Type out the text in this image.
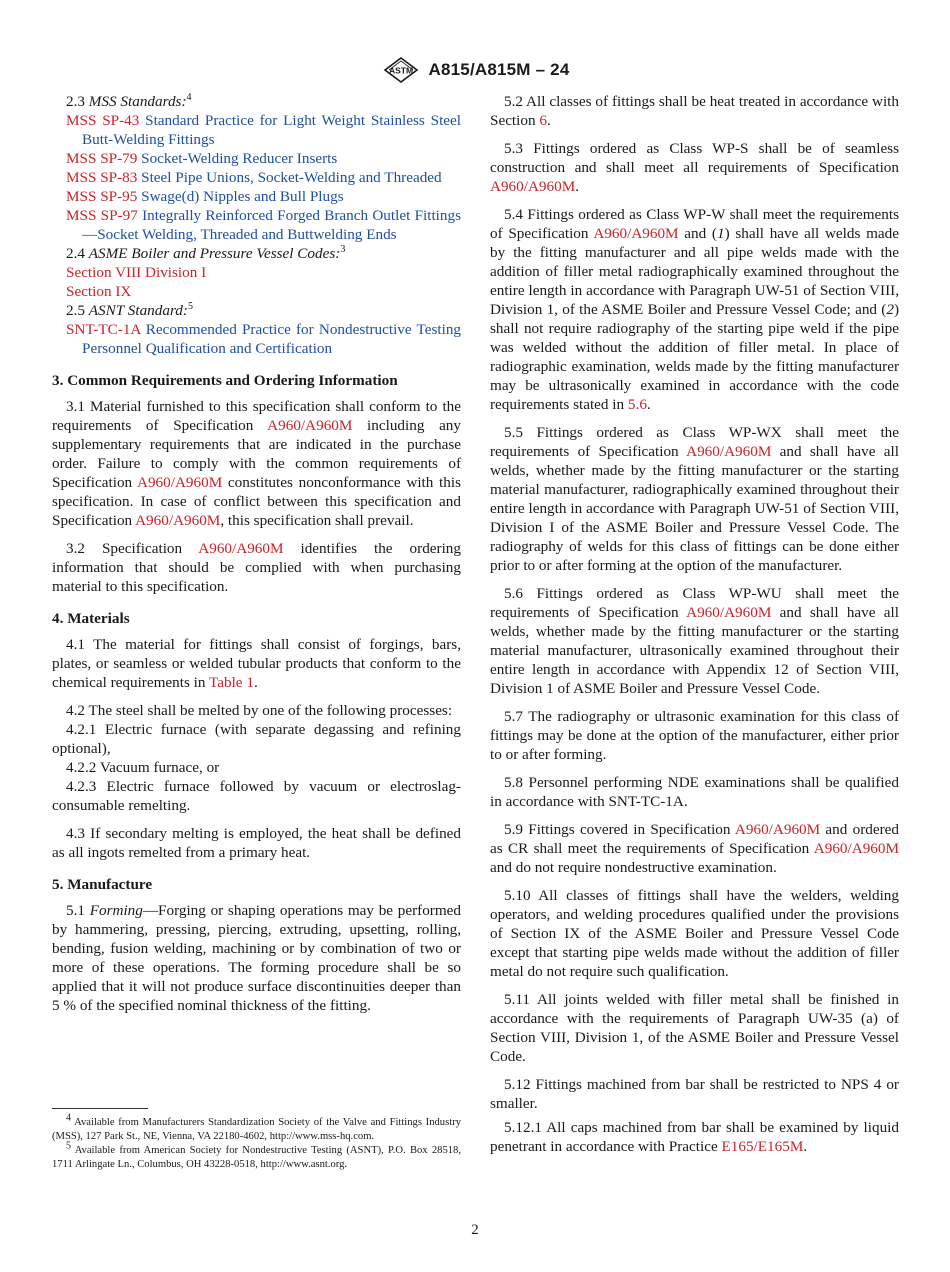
ASTM A815/A815M – 24
2.3 MSS Standards:$^4$
MSS SP-43 Standard Practice for Light Weight Stainless Steel Butt-Welding Fittings
MSS SP-79 Socket-Welding Reducer Inserts
MSS SP-83 Steel Pipe Unions, Socket-Welding and Threaded
MSS SP-95 Swage(d) Nipples and Bull Plugs
MSS SP-97 Integrally Reinforced Forged Branch Outlet Fittings—Socket Welding, Threaded and Buttwelding Ends
2.4 ASME Boiler and Pressure Vessel Codes:$^3$
Section VIII Division I
Section IX
2.5 ASNT Standard:$^5$
SNT-TC-1A Recommended Practice for Nondestructive Testing Personnel Qualification and Certification
3. Common Requirements and Ordering Information

3.1 Material furnished to this specification shall conform to the requirements of Specification A960/A960M including any supplementary requirements that are indicated in the purchase order. Failure to comply with the common requirements of Specification A960/A960M constitutes nonconformance with this specification. In case of conflict between this specification and Specification A960/A960M, this specification shall prevail.

3.2 Specification A960/A960M identifies the ordering information that should be complied with when purchasing material to this specification.

4. Materials

4.1 The material for fittings shall consist of forgings, bars, plates, or seamless or welded tubular products that conform to the chemical requirements in Table 1.

4.2 The steel shall be melted by one of the following processes:

4.2.1 Electric furnace (with separate degassing and refining optional),

4.2.2 Vacuum furnace, or

4.2.3 Electric furnace followed by vacuum or electroslag-consumable remelting.

4.3 If secondary melting is employed, the heat shall be defined as all ingots remelted from a primary heat.

5. Manufacture

5.1 Forming—Forging or shaping operations may be performed by hammering, pressing, piercing, extruding, upsetting, rolling, bending, fusion welding, machining or by combination of two or more of these operations. The forming procedure shall be so applied that it will not produce surface discontinuities deeper than 5 % of the specified nominal thickness of the fitting.

$^4$ Available from Manufacturers Standardization Society of the Valve and Fittings Industry (MSS), 127 Park St., NE, Vienna, VA 22180-4602, http://www.mss-hq.com.

$^5$ Available from American Society for Nondestructive Testing (ASNT), P.O. Box 28518, 1711 Arlingate Ln., Columbus, OH 43228-0518, http://www.asnt.org.

5.2 All classes of fittings shall be heat treated in accordance with Section 6.

5.3 Fittings ordered as Class WP-S shall be of seamless construction and shall meet all requirements of Specification A960/A960M.

5.4 Fittings ordered as Class WP-W shall meet the requirements of Specification A960/A960M and (1) shall have all welds made by the fitting manufacturer and all pipe welds made with the addition of filler metal radiographically examined throughout the entire length in accordance with Paragraph UW-51 of Section VIII, Division 1, of the ASME Boiler and Pressure Vessel Code; and (2) shall not require radiography of the starting pipe weld if the pipe was welded without the addition of filler metal. In place of radiographic examination, welds made by the fitting manufacturer may be ultrasonically examined in accordance with the code requirements stated in 5.6.

5.5 Fittings ordered as Class WP-WX shall meet the requirements of Specification A960/A960M and shall have all welds, whether made by the fitting manufacturer or the starting material manufacturer, radiographically examined throughout their entire length in accordance with Paragraph UW-51 of Section VIII, Division I of the ASME Boiler and Pressure Vessel Code. The radiography of welds for this class of fittings can be done either prior to or after forming at the option of the manufacturer.

5.6 Fittings ordered as Class WP-WU shall meet the requirements of Specification A960/A960M and shall have all welds, whether made by the fitting manufacturer or the starting material manufacturer, ultrasonically examined throughout their entire length in accordance with Appendix 12 of Section VIII, Division 1 of ASME Boiler and Pressure Vessel Code.

5.7 The radiography or ultrasonic examination for this class of fittings may be done at the option of the manufacturer, either prior to or after forming.

5.8 Personnel performing NDE examinations shall be qualified in accordance with SNT-TC-1A.

5.9 Fittings covered in Specification A960/A960M and ordered as CR shall meet the requirements of Specification A960/A960M and do not require nondestructive examination.

5.10 All classes of fittings shall have the welders, welding operators, and welding procedures qualified under the provisions of Section IX of the ASME Boiler and Pressure Vessel Code except that starting pipe welds made without the addition of filler metal do not require such qualification.

5.11 All joints welded with filler metal shall be finished in accordance with the requirements of Paragraph UW-35 (a) of Section VIII, Division 1, of the ASME Boiler and Pressure Vessel Code.

5.12 Fittings machined from bar shall be restricted to NPS 4 or smaller.

5.12.1 All caps machined from bar shall be examined by liquid penetrant in accordance with Practice E165/E165M.

2
